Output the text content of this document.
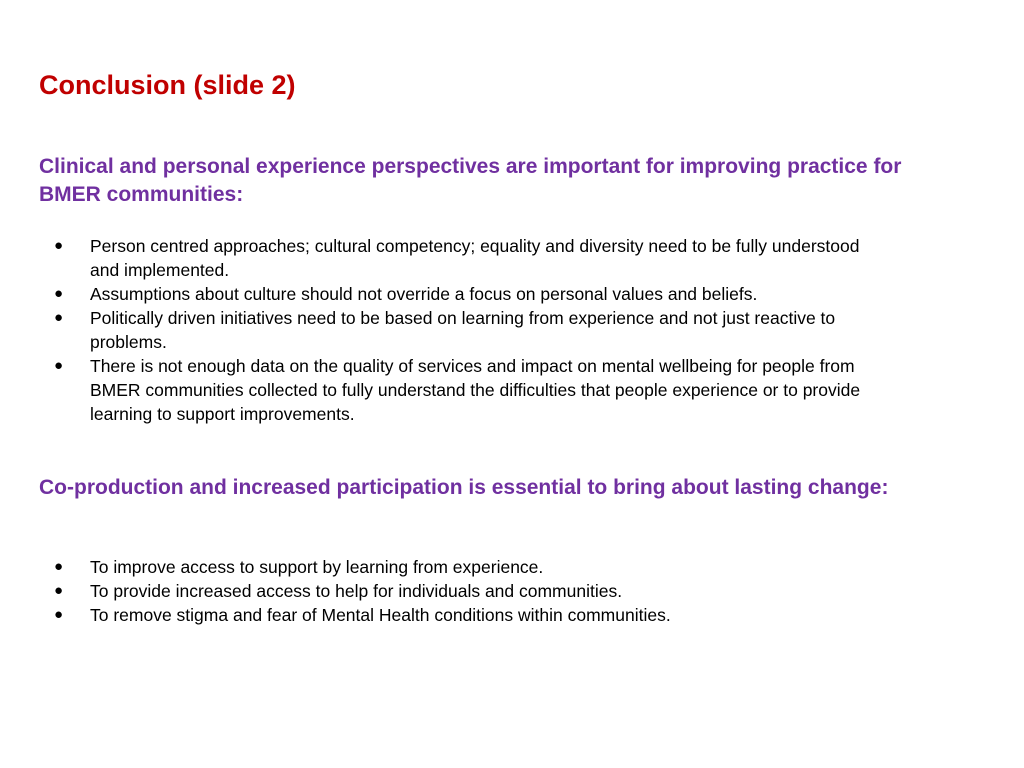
Conclusion (slide 2)
Clinical and personal experience perspectives are important for improving practice for BMER communities:
● Person centred approaches; cultural competency; equality and diversity need to be fully understood and implemented.
● Assumptions about culture should not override a focus on personal values and beliefs.
● Politically driven initiatives need to be based on learning from experience and not just reactive to problems.
● There is not enough data on the quality of services and impact on mental wellbeing for people from BMER communities collected to fully understand the difficulties that people experience or to provide learning to support improvements.
Co-production and increased participation is essential to bring about lasting change:
● To improve access to support by learning from experience.
● To provide increased access to help for individuals and communities.
● To remove stigma and fear of Mental Health conditions within communities.
